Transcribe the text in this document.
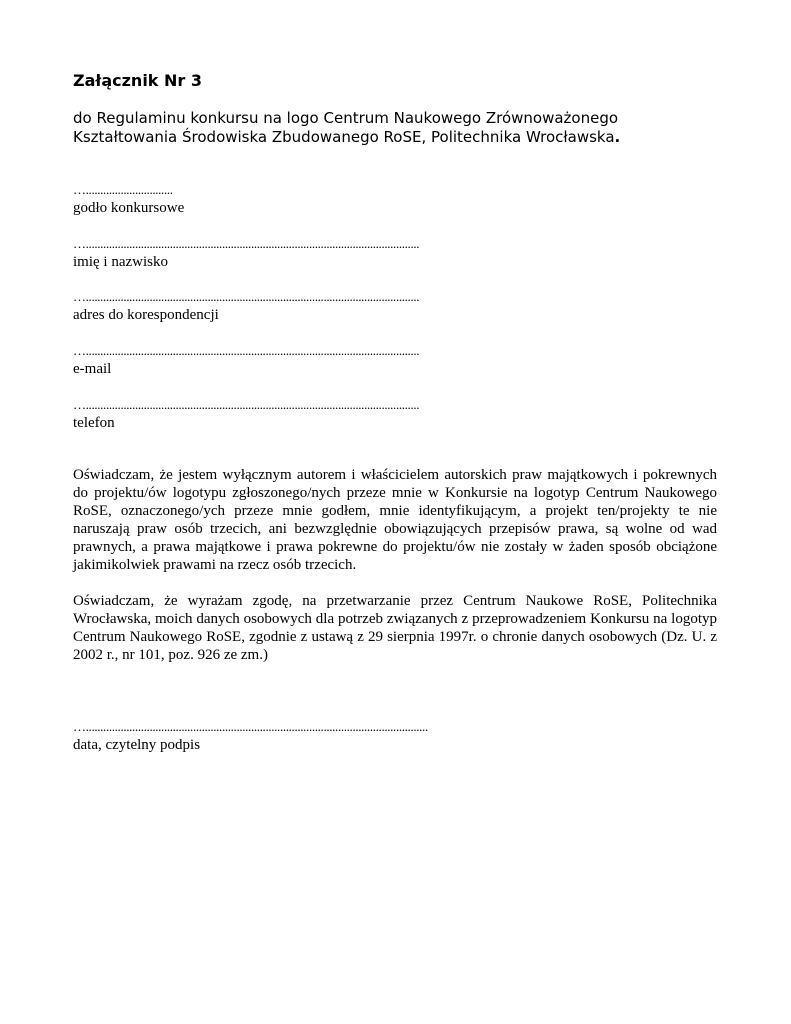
Załącznik Nr 3

do Regulaminu konkursu na logo Centrum Naukowego Zrównoważonego
Kształtowania Środowiska Zbudowanego RoSE, Politechnika Wrocławska.

…..............................
godło konkursowe
…...................................................................................................................
imię i nazwisko
…...................................................................................................................
adres do korespondencji
…...................................................................................................................
e-mail
…...................................................................................................................
telefon

Oświadczam, że jestem wyłącznym autorem i właścicielem autorskich praw majątkowych i pokrewnych do projektu/ów logotypu zgłoszonego/nych przeze mnie w Konkursie na logotyp Centrum Naukowego RoSE, oznaczonego/ych przeze mnie godłem, mnie identyfikującym, a projekt ten/projekty te nie naruszają praw osób trzecich, ani bezwzględnie obowiązujących przepisów prawa, są wolne od wad prawnych, a prawa majątkowe i prawa pokrewne do projektu/ów nie zostały w żaden sposób obciążone jakimikolwiek prawami na rzecz osób trzecich.

Oświadczam, że wyrażam zgodę, na przetwarzanie przez Centrum Naukowe RoSE, Politechnika Wrocławska, moich danych osobowych dla potrzeb związanych z przeprowadzeniem Konkursu na logotyp Centrum Naukowego RoSE, zgodnie z ustawą z 29 sierpnia 1997r. o chronie danych osobowych (Dz. U. z 2002 r., nr 101, poz. 926 ze zm.)

…......................................................................................................................
data, czytelny podpis
